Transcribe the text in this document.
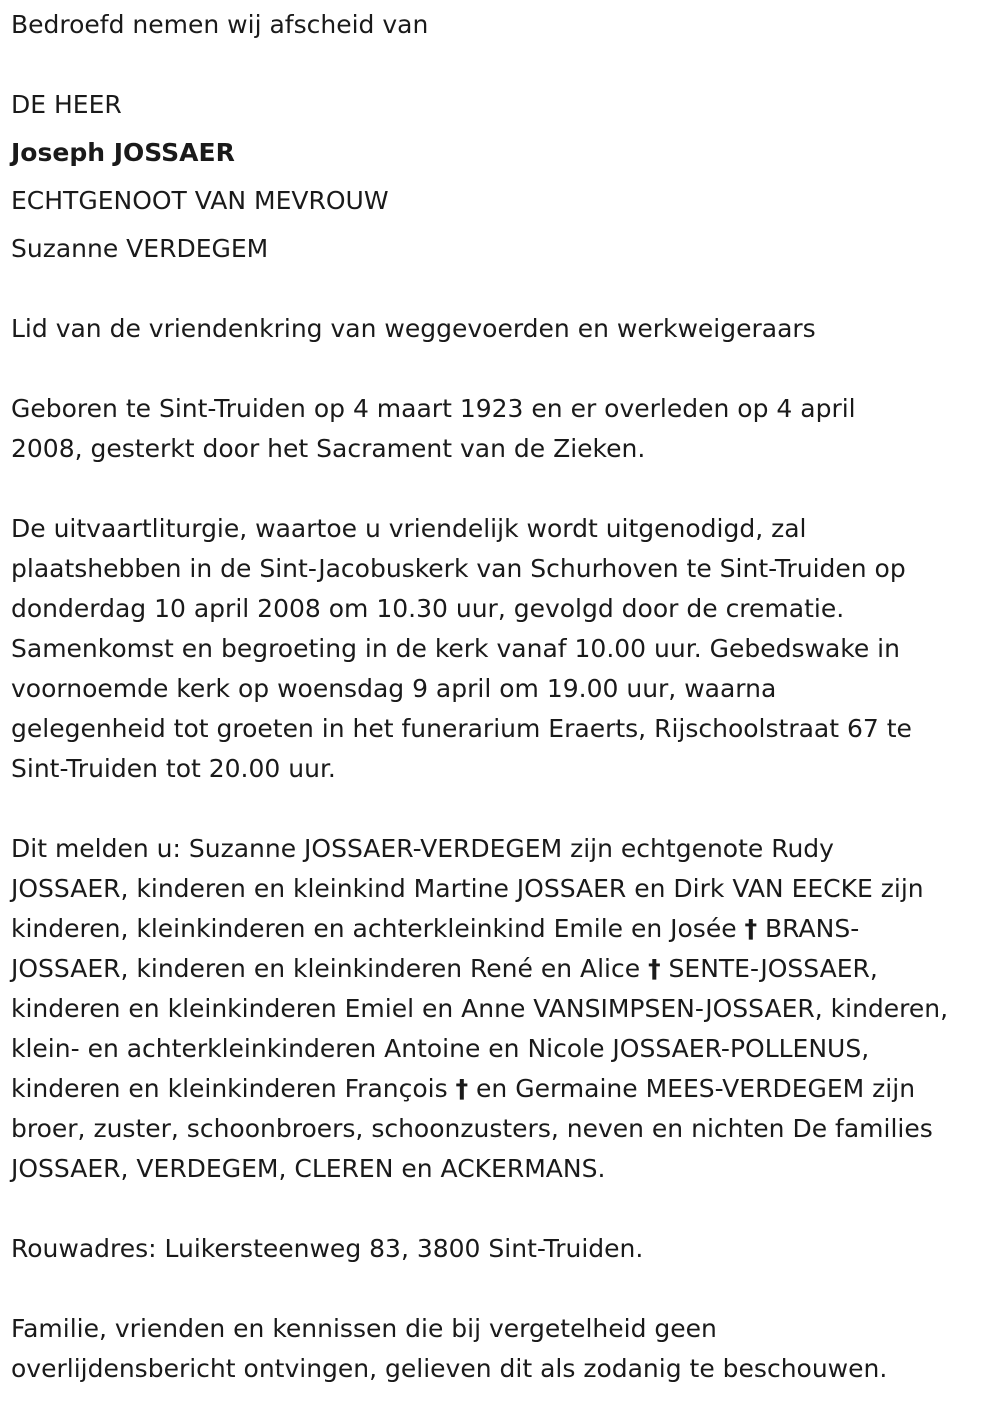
Bedroefd nemen wij afscheid van
DE HEER
Joseph JOSSAER
ECHTGENOOT VAN MEVROUW
Suzanne VERDEGEM
Lid van de vriendenkring van weggevoerden en werkweigeraars
Geboren te Sint-Truiden op 4 maart 1923 en er overleden op 4 april
2008, gesterkt door het Sacrament van de Zieken.
De uitvaartliturgie, waartoe u vriendelijk wordt uitgenodigd, zal
plaatshebben in de Sint-Jacobuskerk van Schurhoven te Sint-Truiden op
donderdag 10 april 2008 om 10.30 uur, gevolgd door de crematie.
Samenkomst en begroeting in de kerk vanaf 10.00 uur. Gebedswake in
voornoemde kerk op woensdag 9 april om 19.00 uur, waarna
gelegenheid tot groeten in het funerarium Eraerts, Rijschoolstraat 67 te
Sint-Truiden tot 20.00 uur.
Dit melden u: Suzanne JOSSAER-VERDEGEM zijn echtgenote Rudy
JOSSAER, kinderen en kleinkind Martine JOSSAER en Dirk VAN EECKE zijn
kinderen, kleinkinderen en achterkleinkind Emile en Josée † BRANS-
JOSSAER, kinderen en kleinkinderen René en Alice † SENTE-JOSSAER,
kinderen en kleinkinderen Emiel en Anne VANSIMPSEN-JOSSAER, kinderen,
klein- en achterkleinkinderen Antoine en Nicole JOSSAER-POLLENUS,
kinderen en kleinkinderen François † en Germaine MEES-VERDEGEM zijn
broer, zuster, schoonbroers, schoonzusters, neven en nichten De families
JOSSAER, VERDEGEM, CLEREN en ACKERMANS.
Rouwadres: Luikersteenweg 83, 3800 Sint-Truiden.
Familie, vrienden en kennissen die bij vergetelheid geen
overlijdensbericht ontvingen, gelieven dit als zodanig te beschouwen.
